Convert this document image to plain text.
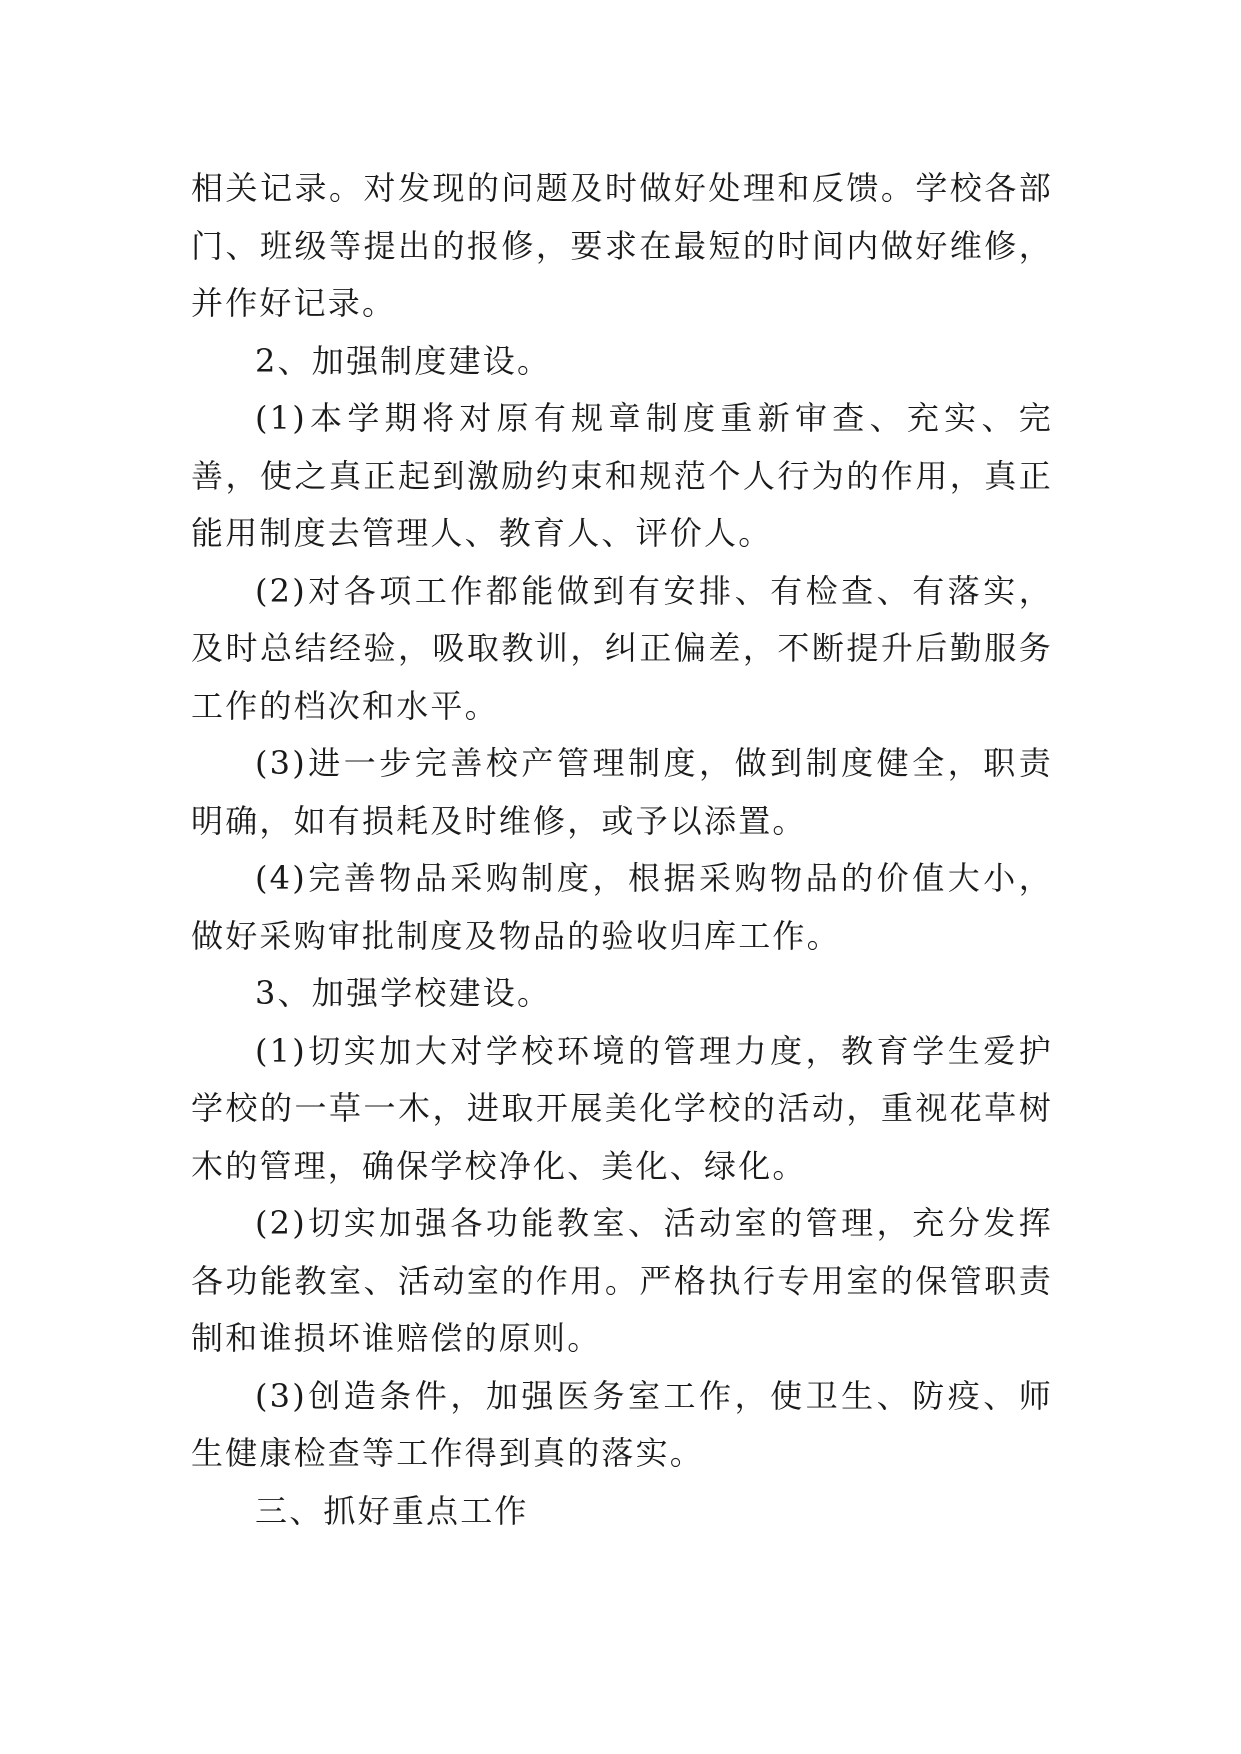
相关记录。对发现的问题及时做好处理和反馈。学校各部门、班级等提出的报修，要求在最短的时间内做好维修，并作好记录。

2、加强制度建设。

(1)本学期将对原有规章制度重新审查、充实、完善，使之真正起到激励约束和规范个人行为的作用，真正能用制度去管理人、教育人、评价人。

(2)对各项工作都能做到有安排、有检查、有落实，及时总结经验，吸取教训，纠正偏差，不断提升后勤服务工作的档次和水平。

(3)进一步完善校产管理制度，做到制度健全，职责明确，如有损耗及时维修，或予以添置。

(4)完善物品采购制度，根据采购物品的价值大小，做好采购审批制度及物品的验收归库工作。

3、加强学校建设。

(1)切实加大对学校环境的管理力度，教育学生爱护学校的一草一木，进取开展美化学校的活动，重视花草树木的管理，确保学校净化、美化、绿化。

(2)切实加强各功能教室、活动室的管理，充分发挥各功能教室、活动室的作用。严格执行专用室的保管职责制和谁损坏谁赔偿的原则。

(3)创造条件，加强医务室工作，使卫生、防疫、师生健康检查等工作得到真的落实。

三、抓好重点工作
